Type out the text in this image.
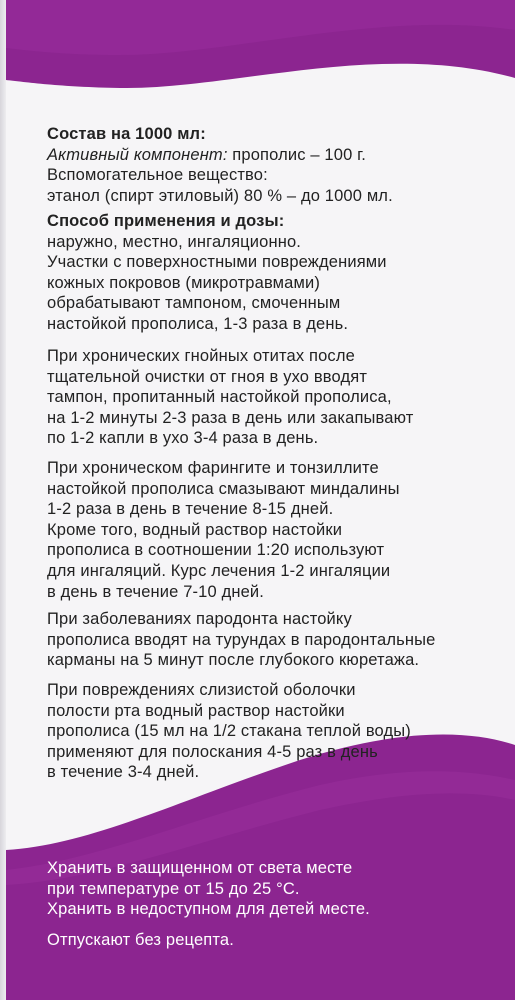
Состав на 1000 мл:

Активный компонент: прополис – 100 г.

Вспомогательное вещество:

этанол (спирт этиловый) 80 % – до 1000 мл.

Способ применения и дозы:

наружно, местно, ингаляционно.

Участки с поверхностными повреждениями

кожных покровов (микротравмами)

обрабатывают тампоном, смоченным

настойкой прополиса, 1-3 раза в день.

При хронических гнойных отитах после

тщательной очистки от гноя в ухо вводят

тампон, пропитанный настойкой прополиса,

на 1-2 минуты 2-3 раза в день или закапывают

по 1-2 капли в ухо 3-4 раза в день.

При хроническом фарингите и тонзиллите

настойкой прополиса смазывают миндалины

1-2 раза в день в течение 8-15 дней.

Кроме того, водный раствор настойки

прополиса в соотношении 1:20 используют

для ингаляций. Курс лечения 1-2 ингаляции

в день в течение 7-10 дней.

При заболеваниях пародонта настойку

прополиса вводят на турундах в пародонтальные

карманы на 5 минут после глубокого кюретажа.

При повреждениях слизистой оболочки

полости рта водный раствор настойки

прополиса (15 мл на 1/2 стакана теплой воды)

применяют для полоскания 4-5 раз в день

в течение 3-4 дней.

Хранить в защищенном от света месте

при температуре от 15 до 25 °С.

Хранить в недоступном для детей месте.

Отпускают без рецепта.
